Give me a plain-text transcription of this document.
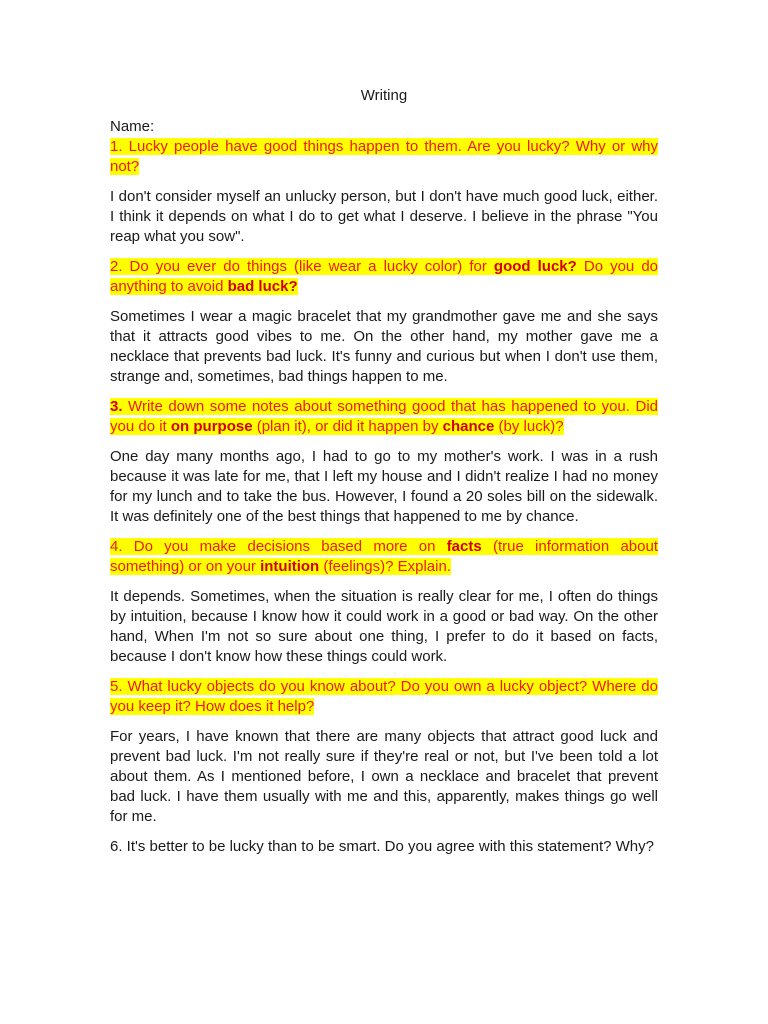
Writing
Name:

1. Lucky people have good things happen to them. Are you lucky? Why or why not?

I don't consider myself an unlucky person, but I don't have much good luck, either. I think it depends on what I do to get what I deserve. I believe in the phrase "You reap what you sow".

2. Do you ever do things (like wear a lucky color) for good luck? Do you do anything to avoid bad luck?

Sometimes I wear a magic bracelet that my grandmother gave me and she says that it attracts good vibes to me. On the other hand, my mother gave me a necklace that prevents bad luck. It's funny and curious but when I don't use them, strange and, sometimes, bad things happen to me.

3. Write down some notes about something good that has happened to you. Did you do it on purpose (plan it), or did it happen by chance (by luck)?

One day many months ago, I had to go to my mother's work. I was in a rush because it was late for me, that I left my house and I didn't realize I had no money for my lunch and to take the bus. However, I found a 20 soles bill on the sidewalk. It was definitely one of the best things that happened to me by chance.

4. Do you make decisions based more on facts (true information about something) or on your intuition (feelings)? Explain.

It depends. Sometimes, when the situation is really clear for me, I often do things by intuition, because I know how it could work in a good or bad way. On the other hand, When I'm not so sure about one thing, I prefer to do it based on facts, because I don't know how these things could work.

5. What lucky objects do you know about? Do you own a lucky object? Where do you keep it? How does it help?

For years, I have known that there are many objects that attract good luck and prevent bad luck. I'm not really sure if they're real or not, but I've been told a lot about them. As I mentioned before, I own a necklace and bracelet that prevent bad luck. I have them usually with me and this, apparently, makes things go well for me.

6. It's better to be lucky than to be smart. Do you agree with this statement? Why?
